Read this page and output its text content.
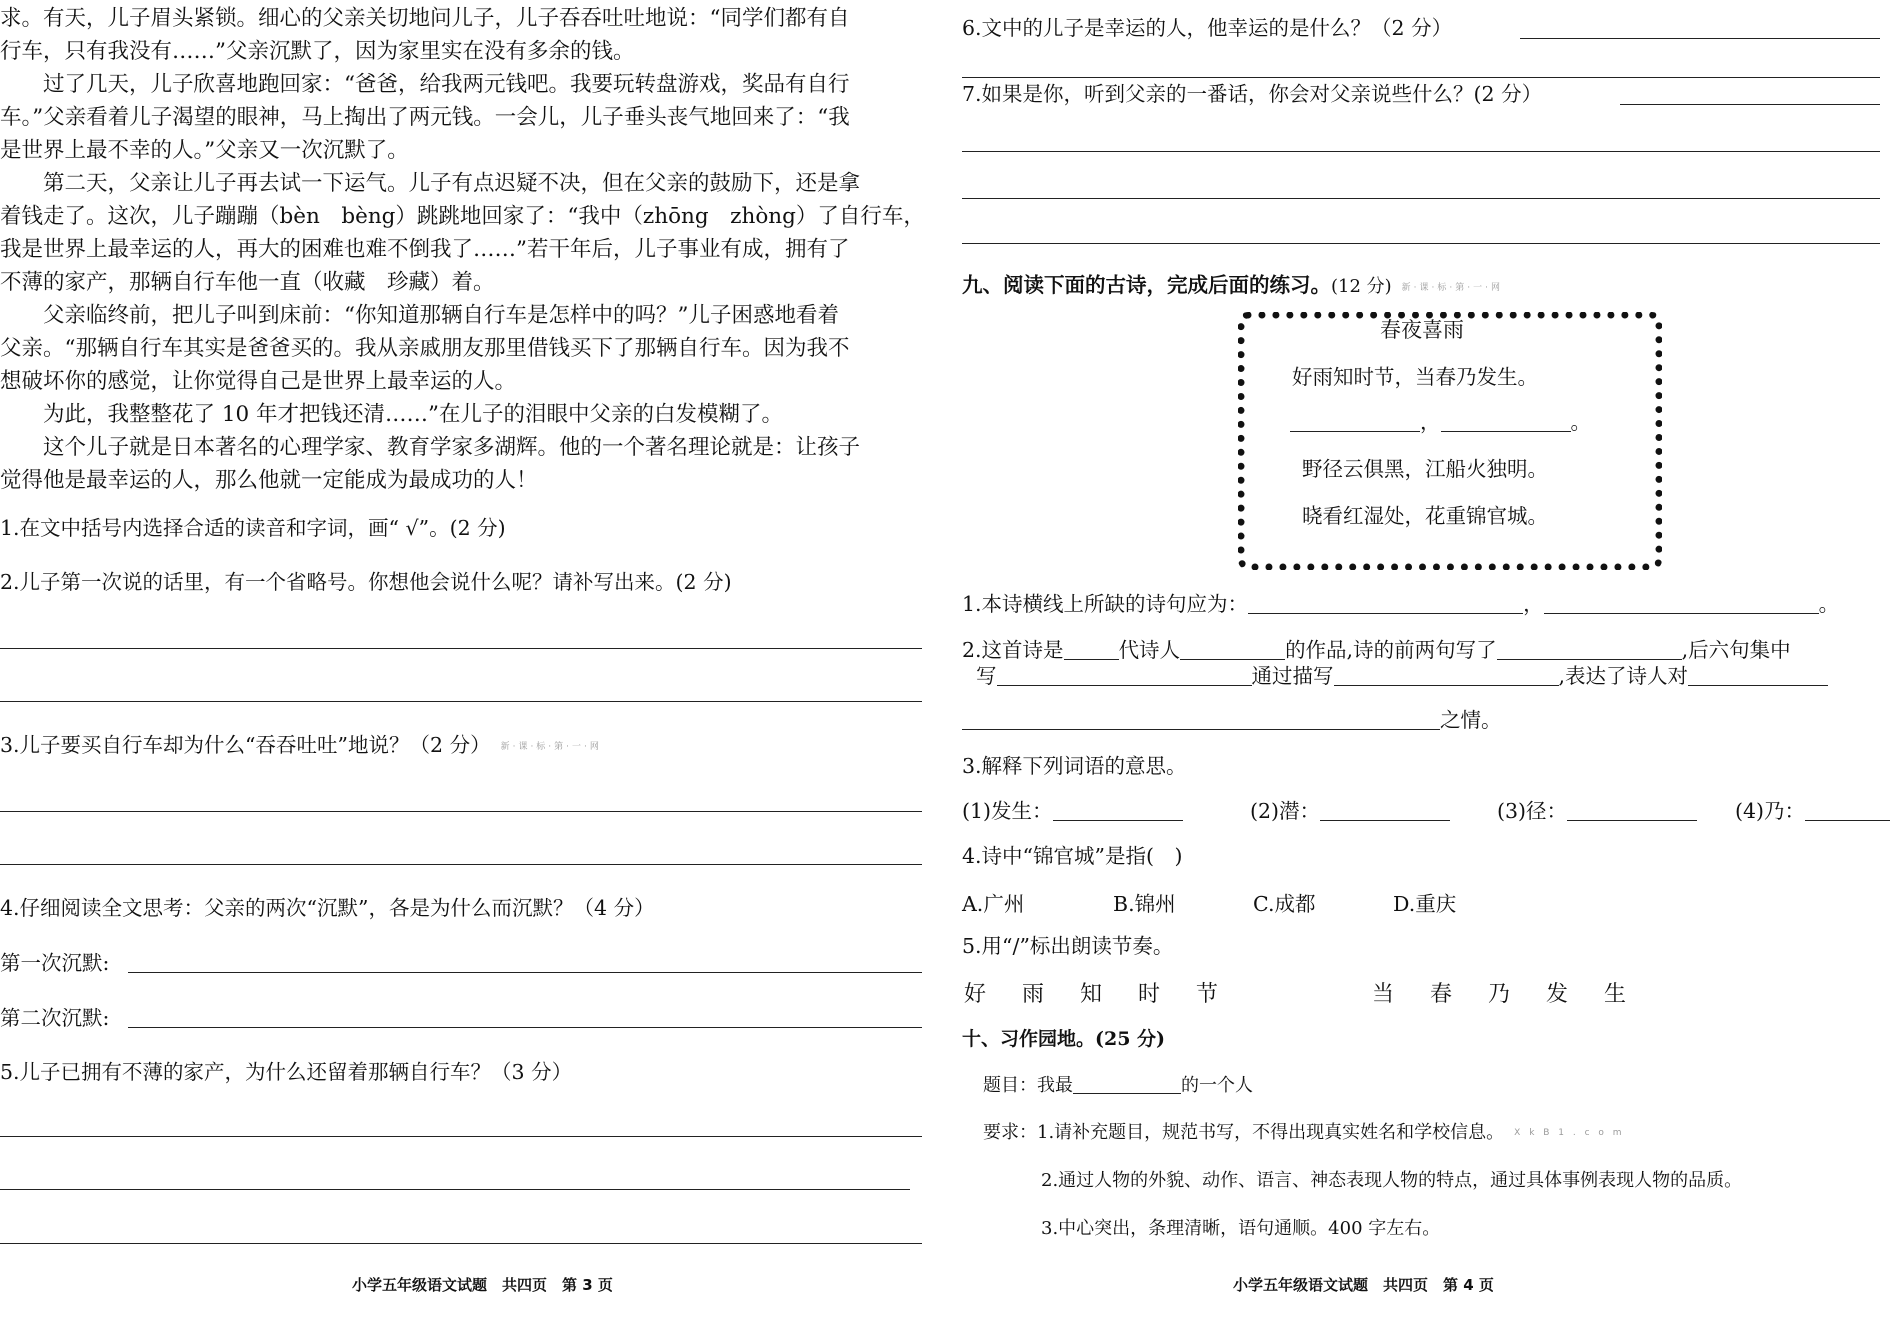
求。有天，儿子眉头紧锁。细心的父亲关切地问儿子，儿子吞吞吐吐地说：“同学们都有自
行车，只有我没有……”父亲沉默了，因为家里实在没有多余的钱。
　　过了几天，儿子欣喜地跑回家：“爸爸，给我两元钱吧。我要玩转盘游戏，奖品有自行
车。”父亲看着儿子渴望的眼神，马上掏出了两元钱。一会儿，儿子垂头丧气地回来了：“我
是世界上最不幸的人。”父亲又一次沉默了。
　　第二天，父亲让儿子再去试一下运气。儿子有点迟疑不决，但在父亲的鼓励下，还是拿
着钱走了。这次，儿子蹦蹦（bèn　bèng）跳跳地回家了：“我中（zhōng　zhòng）了自行车，
我是世界上最幸运的人，再大的困难也难不倒我了……”若干年后，儿子事业有成，拥有了
不薄的家产，那辆自行车他一直（收藏　珍藏）着。
　　父亲临终前，把儿子叫到床前：“你知道那辆自行车是怎样中的吗？”儿子困惑地看着
父亲。“那辆自行车其实是爸爸买的。我从亲戚朋友那里借钱买下了那辆自行车。因为我不
想破坏你的感觉，让你觉得自己是世界上最幸运的人。
　　为此，我整整花了 10 年才把钱还清……”在儿子的泪眼中父亲的白发模糊了。
　　这个儿子就是日本著名的心理学家、教育学家多湖辉。他的一个著名理论就是：让孩子
觉得他是最幸运的人，那么他就一定能成为最成功的人！
1.在文中括号内选择合适的读音和字词，画“ √”。(2 分)
2.儿子第一次说的话里，有一个省略号。你想他会说什么呢？请补写出来。(2 分)
3.儿子要买自行车却为什么“吞吞吐吐”地说？（2 分） 新·课·标·第·一·网
4.仔细阅读全文思考：父亲的两次“沉默”，各是为什么而沉默？（4 分）
第一次沉默:
第二次沉默:
5.儿子已拥有不薄的家产，为什么还留着那辆自行车？（3 分）
小学五年级语文试题　共四页　第 3 页
6.文中的儿子是幸运的人，他幸运的是什么？（2 分）
7.如果是你，听到父亲的一番话，你会对父亲说些什么？(2 分）
九、阅读下面的古诗，完成后面的练习。(12 分) 新·课·标·第·一·网
春夜喜雨
好雨知时节，当春乃发生。
，	。
野径云俱黑，江船火独明。
晓看红湿处，花重锦官城。
1.本诗横线上所缺的诗句应为：	，	。
2.这首诗是	代诗人	的作品,诗的前两句写了	,后六句集中
写	通过描写	,表达了诗人对
之情。
3.解释下列词语的意思。
(1)发生：	(2)潜：	(3)径：	(4)乃：
4.诗中“锦官城”是指(　)
A.广州	B.锦州	C.成都	D.重庆
5.用“/”标出朗读节奏。
好 雨 知 时 节	当 春 乃 发 生
十、习作园地。(25 分)
题目：我最	的一个人
要求：1.请补充题目，规范书写，不得出现真实姓名和学校信息。 X k B 1 . c o m
2.通过人物的外貌、动作、语言、神态表现人物的特点，通过具体事例表现人物的品质。
3.中心突出，条理清晰，语句通顺。400 字左右。
小学五年级语文试题　共四页　第 4 页
